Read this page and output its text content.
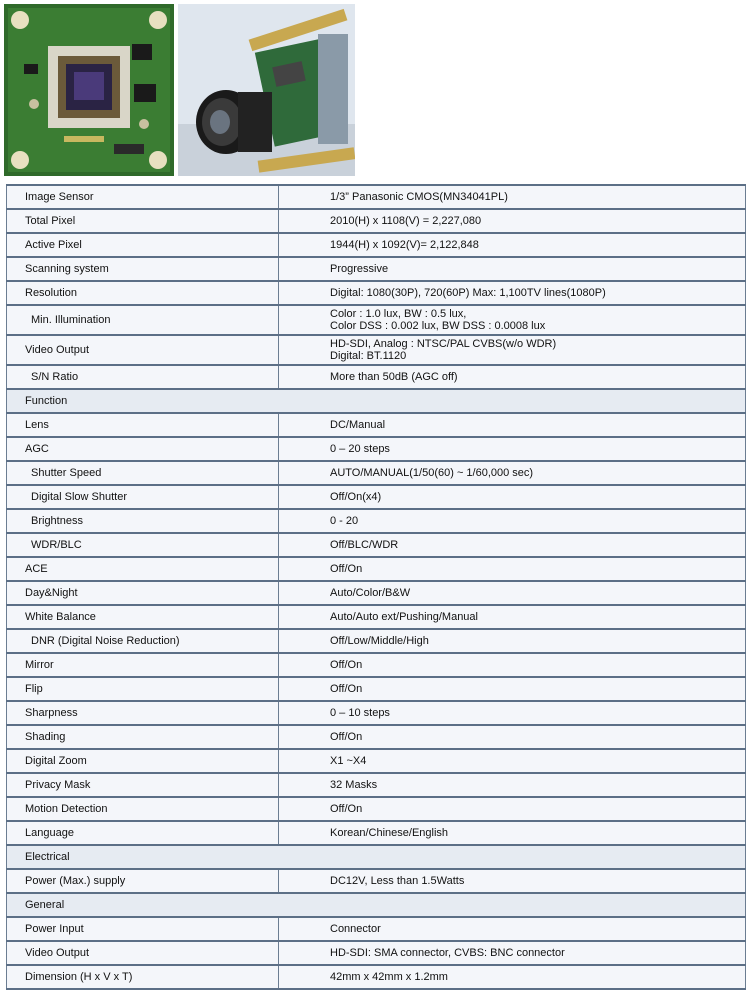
Image Sensor	1/3” Panasonic CMOS(MN34041PL)

Total Pixel	2010(H) x 1108(V) = 2,227,080

Active Pixel	1944(H) x 1092(V)= 2,122,848

Scanning system	Progressive

Resolution	Digital: 1080(30P), 720(60P) Max: 1,100TV lines(1080P)

Min. Illumination	Color : 1.0 lux, BW : 0.5 lux,
Color DSS : 0.002 lux, BW DSS : 0.0008 lux

Video Output	HD-SDI, Analog : NTSC/PAL CVBS(w/o WDR)
Digital: BT.1120

S/N Ratio	More than 50dB (AGC off)

Function	
Lens	DC/Manual

AGC	0 – 20 steps

Shutter Speed	AUTO/MANUAL(1/50(60) ~ 1/60,000 sec)

Digital Slow Shutter	Off/On(x4)

Brightness	0 - 20

WDR/BLC	Off/BLC/WDR

ACE	Off/On

Day&Night	Auto/Color/B&W

White Balance	Auto/Auto ext/Pushing/Manual

DNR (Digital Noise Reduction)	Off/Low/Middle/High

Mirror	Off/On

Flip	Off/On

Sharpness	0 – 10 steps

Shading	Off/On

Digital Zoom	X1 ~X4

Privacy Mask	32 Masks

Motion Detection	Off/On

Language	Korean/Chinese/English

Electrical	
Power (Max.) supply	DC12V, Less than 1.5Watts

General	
Power Input	Connector

Video Output	HD-SDI: SMA connector, CVBS: BNC connector

Dimension (H x V x T)	42mm x 42mm x 1.2mm
